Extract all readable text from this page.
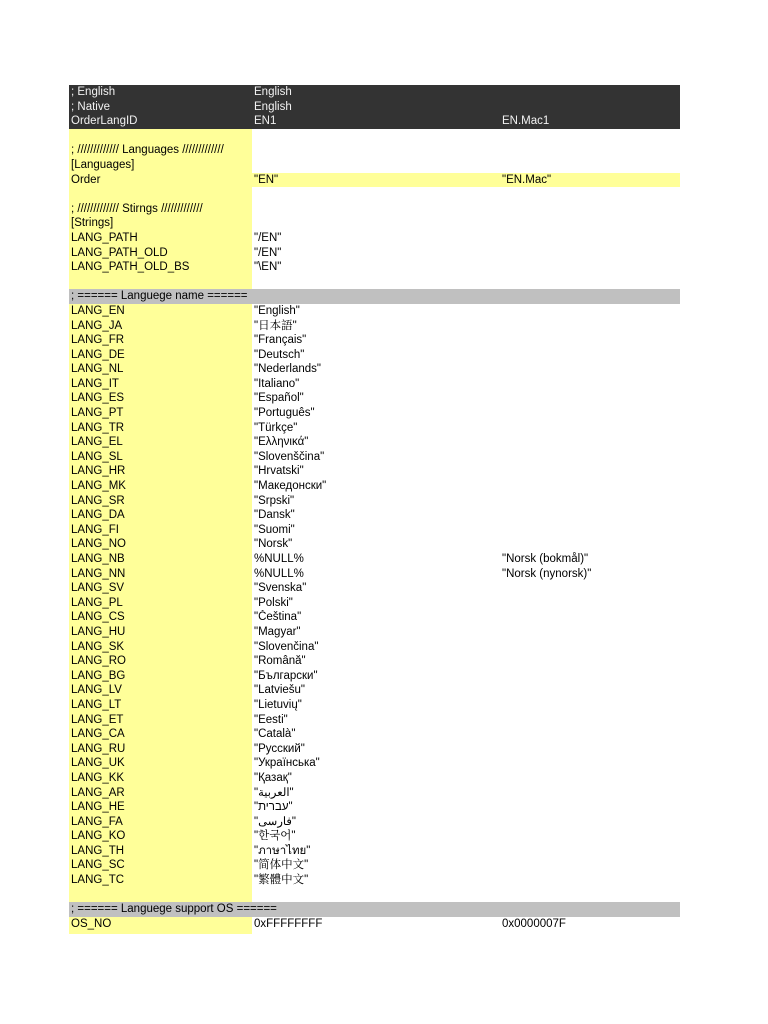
; English	English
; Native	English
OrderLangID	EN1	EN.Mac1
; ///////////// Languages /////////////
[Languages]
Order	"EN"	"EN.Mac"
; ///////////// Stirngs /////////////
[Strings]
LANG_PATH	"/EN"
LANG_PATH_OLD	"/EN"
LANG_PATH_OLD_BS	"\EN"
; ====== Languege name ======
LANG_EN	"English"
LANG_JA	"日本語"
LANG_FR	"Français"
LANG_DE	"Deutsch"
LANG_NL	"Nederlands"
LANG_IT	"Italiano"
LANG_ES	"Español"
LANG_PT	"Português"
LANG_TR	"Türkçe"
LANG_EL	"Ελληνικά"
LANG_SL	"Slovenščina"
LANG_HR	"Hrvatski"
LANG_MK	"Македонски"
LANG_SR	"Srpski"
LANG_DA	"Dansk"
LANG_FI	"Suomi"
LANG_NO	"Norsk"
LANG_NB	%NULL%	"Norsk (bokmål)"
LANG_NN	%NULL%	"Norsk (nynorsk)"
LANG_SV	"Svenska"
LANG_PL	"Polski"
LANG_CS	"Čeština"
LANG_HU	"Magyar"
LANG_SK	"Slovenčina"
LANG_RO	"Română"
LANG_BG	"Български"
LANG_LV	"Latviešu"
LANG_LT	"Lietuvių"
LANG_ET	"Eesti"
LANG_CA	"Català"
LANG_RU	"Русский"
LANG_UK	"Українська"
LANG_KK	"Қазақ"
LANG_AR	"العربية"
LANG_HE	"עברית"
LANG_FA	"فارسی"
LANG_KO	"한국어"
LANG_TH	"ภาษาไทย"
LANG_SC	"简体中文"
LANG_TC	"繁體中文"
; ====== Languege support OS ======
OS_NO	0xFFFFFFFF	0x0000007F
